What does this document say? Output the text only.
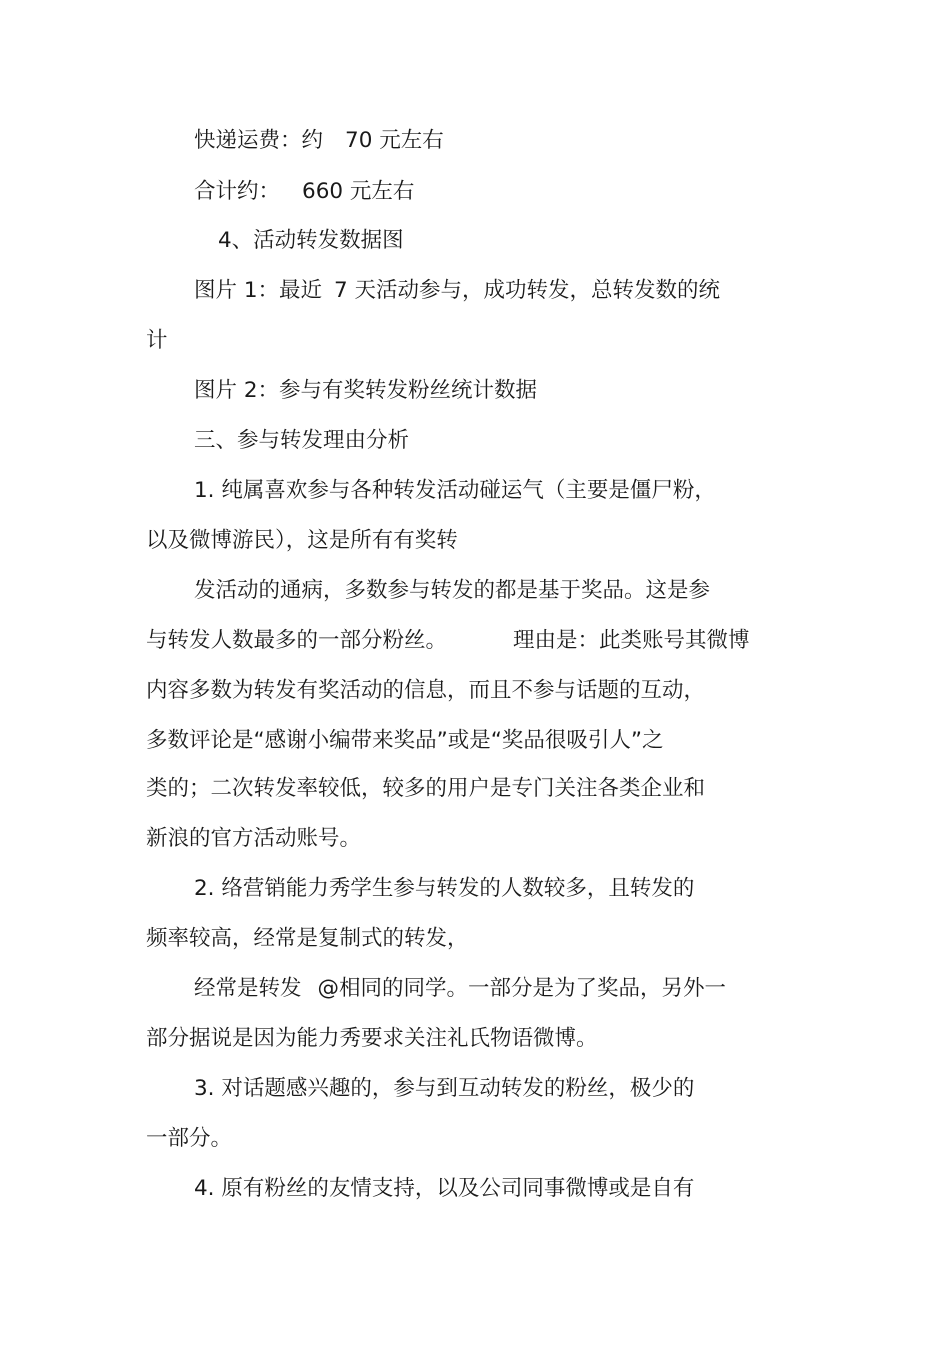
快递运费：约 70 元左右
合计约： 660 元左右
4、活动转发数据图
图片 1：最近 7 天活动参与，成功转发，总转发数的统
计
图片 2：参与有奖转发粉丝统计数据
三、参与转发理由分析
1. 纯属喜欢参与各种转发活动碰运气（主要是僵尸粉，
以及微博游民），这是所有有奖转
发活动的通病，多数参与转发的都是基于奖品。这是参
与转发人数最多的一部分粉丝。	理由是：此类账号其微博
内容多数为转发有奖活动的信息，而且不参与话题的互动，
多数评论是“感谢小编带来奖品”或是“奖品很吸引人”之
类的；二次转发率较低，较多的用户是专门关注各类企业和
新浪的官方活动账号。
2. 络营销能力秀学生参与转发的人数较多，且转发的
频率较高，经常是复制式的转发，
经常是转发 @相同的同学。一部分是为了奖品，另外一
部分据说是因为能力秀要求关注礼氏物语微博。
3. 对话题感兴趣的，参与到互动转发的粉丝，极少的
一部分。
4. 原有粉丝的友情支持，以及公司同事微博或是自有
